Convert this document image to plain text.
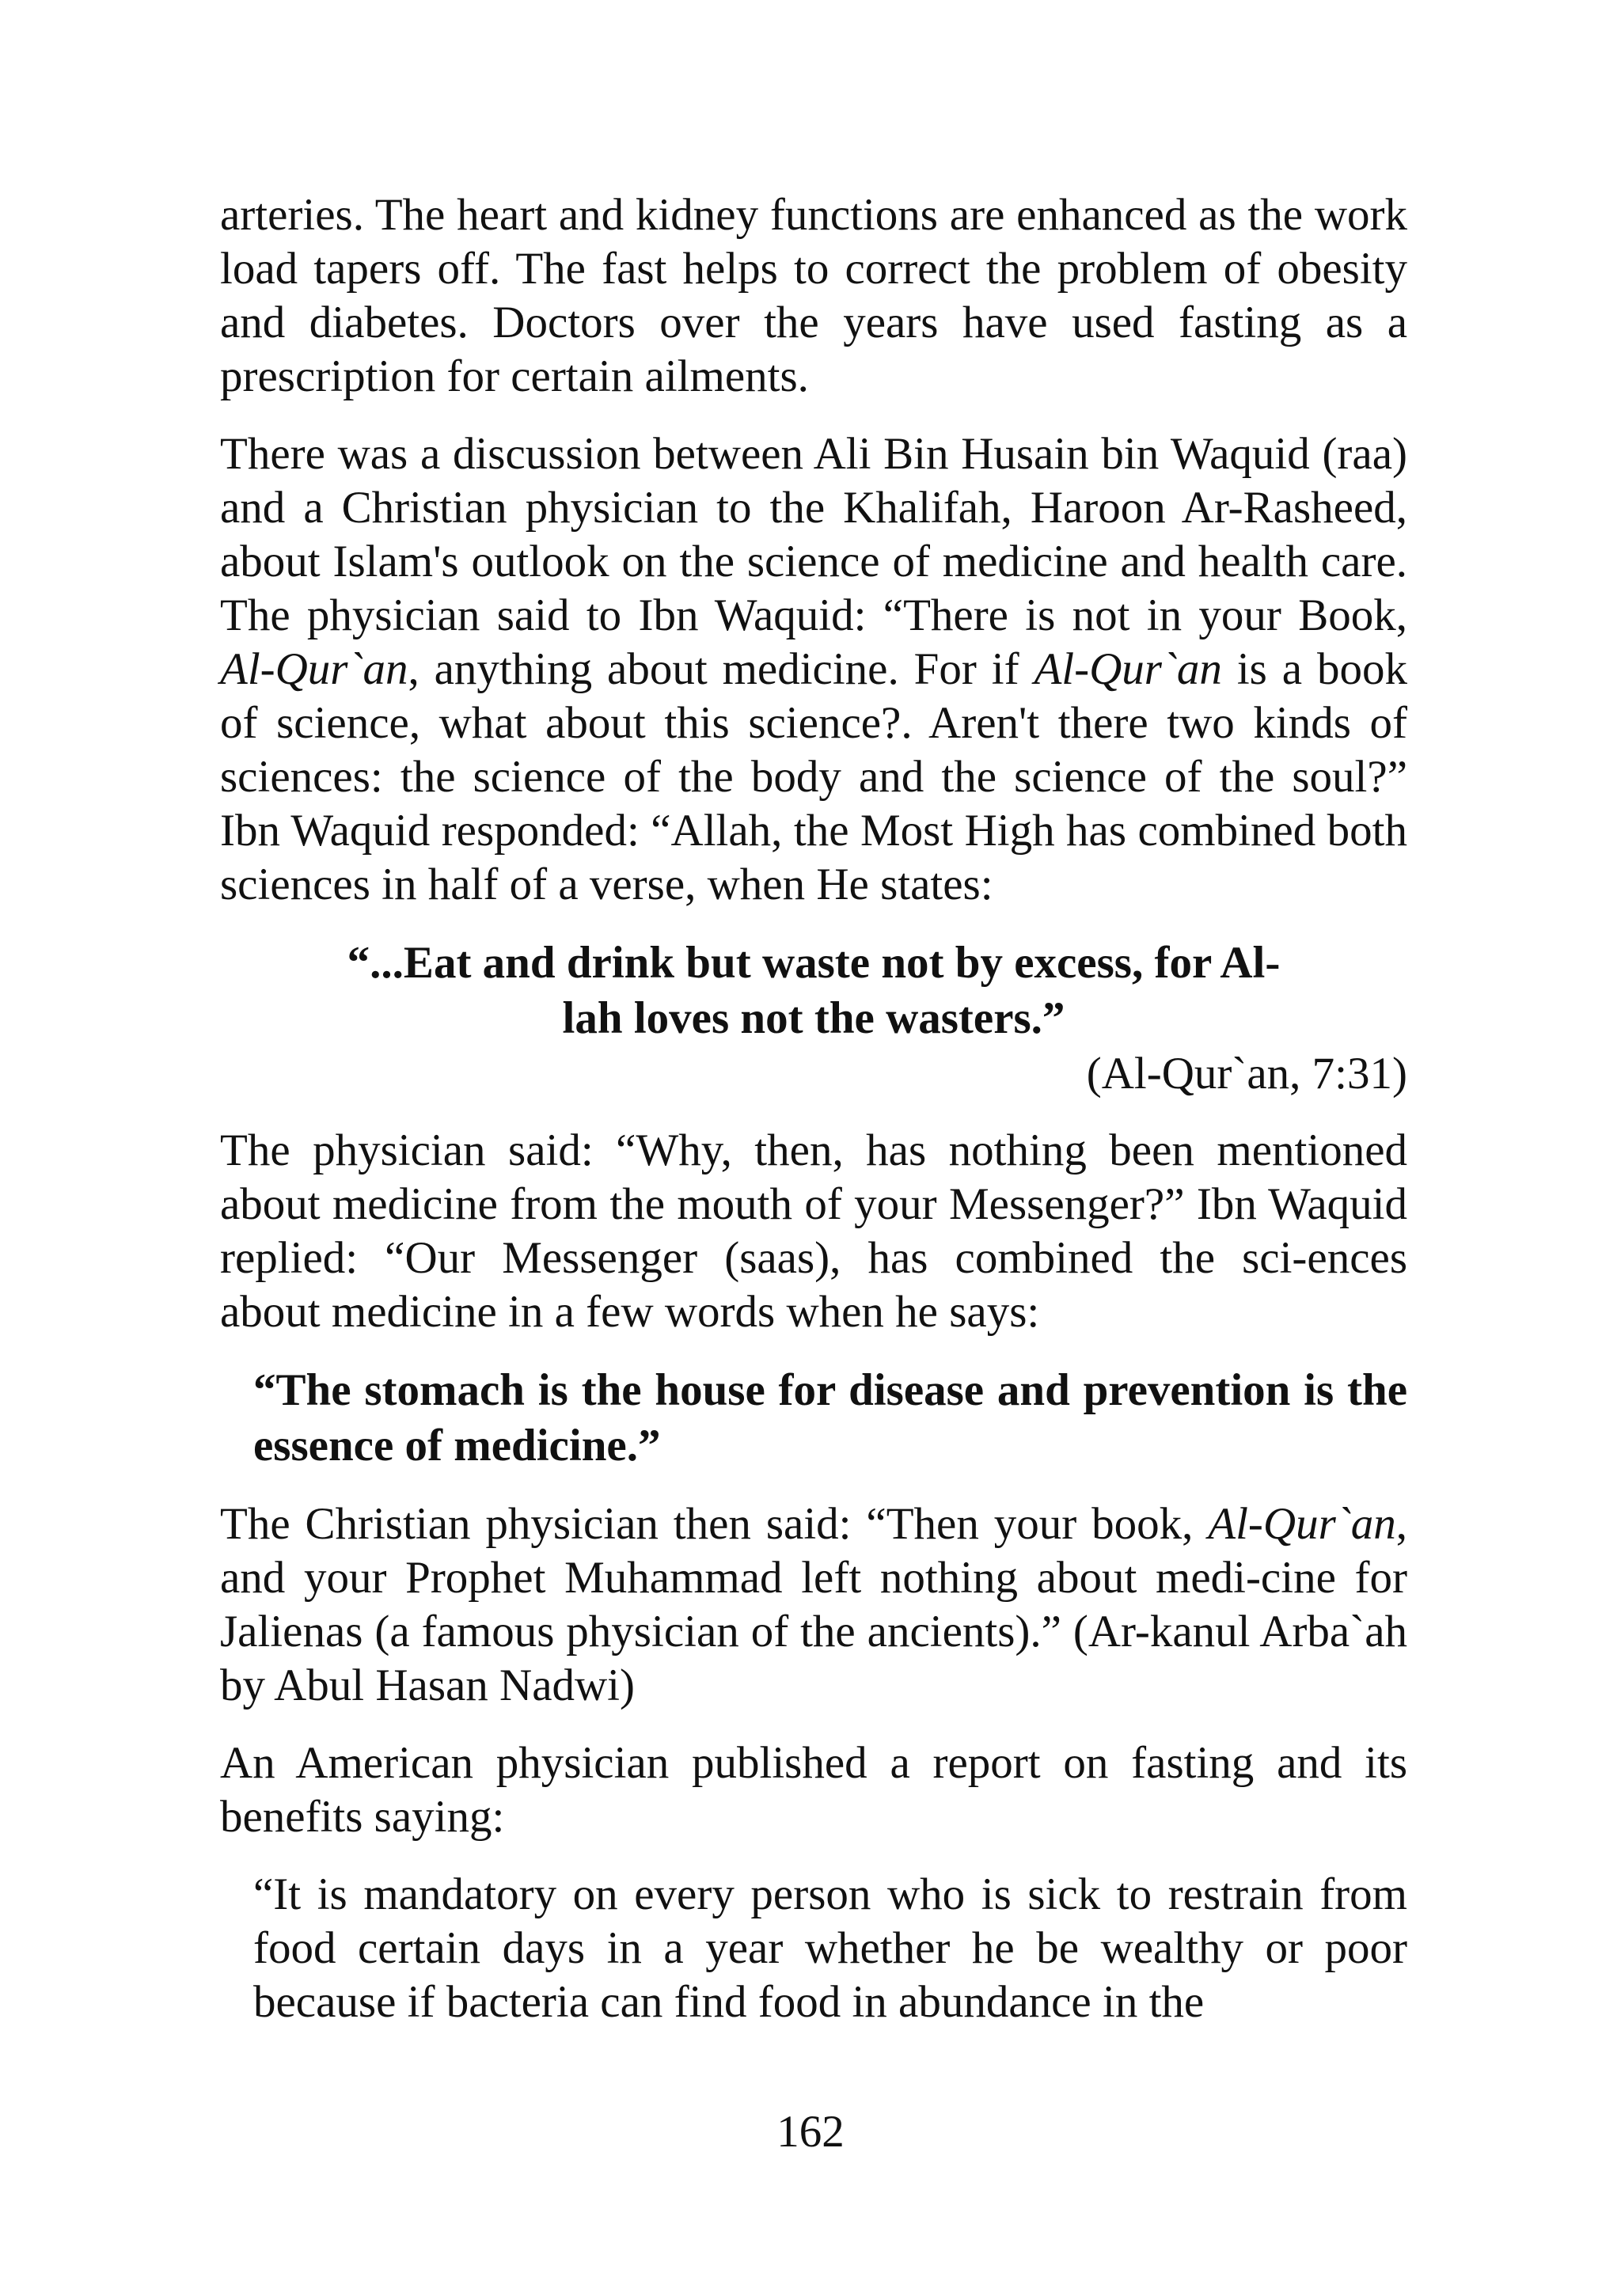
arteries. The heart and kidney functions are enhanced as the work load tapers off. The fast helps to correct the problem of obesity and diabetes. Doctors over the years have used fasting as a prescription for certain ailments.

There was a discussion between Ali Bin Husain bin Waquid (raa) and a Christian physician to the Khalifah, Haroon Ar-Rasheed, about Islam's outlook on the science of medicine and health care. The physician said to Ibn Waquid: “There is not in your Book, Al-Qur`an, anything about medicine. For if Al-Qur`an is a book of science, what about this science?. Aren't there two kinds of sciences: the science of the body and the science of the soul?” Ibn Waquid responded: “Allah, the Most High has combined both sciences in half of a verse, when He states:

“...Eat and drink but waste not by excess, for Al-lah loves not the wasters.”

(Al-Qur`an, 7:31)

The physician said: “Why, then, has nothing been mentioned about medicine from the mouth of your Messenger?” Ibn Waquid replied: “Our Messenger (saas), has combined the sci-ences about medicine in a few words when he says:

“The stomach is the house for disease and prevention is the essence of medicine.”

The Christian physician then said: “Then your book, Al-Qur`an, and your Prophet Muhammad left nothing about medi-cine for Jalienas (a famous physician of the ancients).” (Ar-kanul Arba`ah by Abul Hasan Nadwi)

An American physician published a report on fasting and its benefits saying:

“It is mandatory on every person who is sick to restrain from food certain days in a year whether he be wealthy or poor because if bacteria can find food in abundance in the

162
